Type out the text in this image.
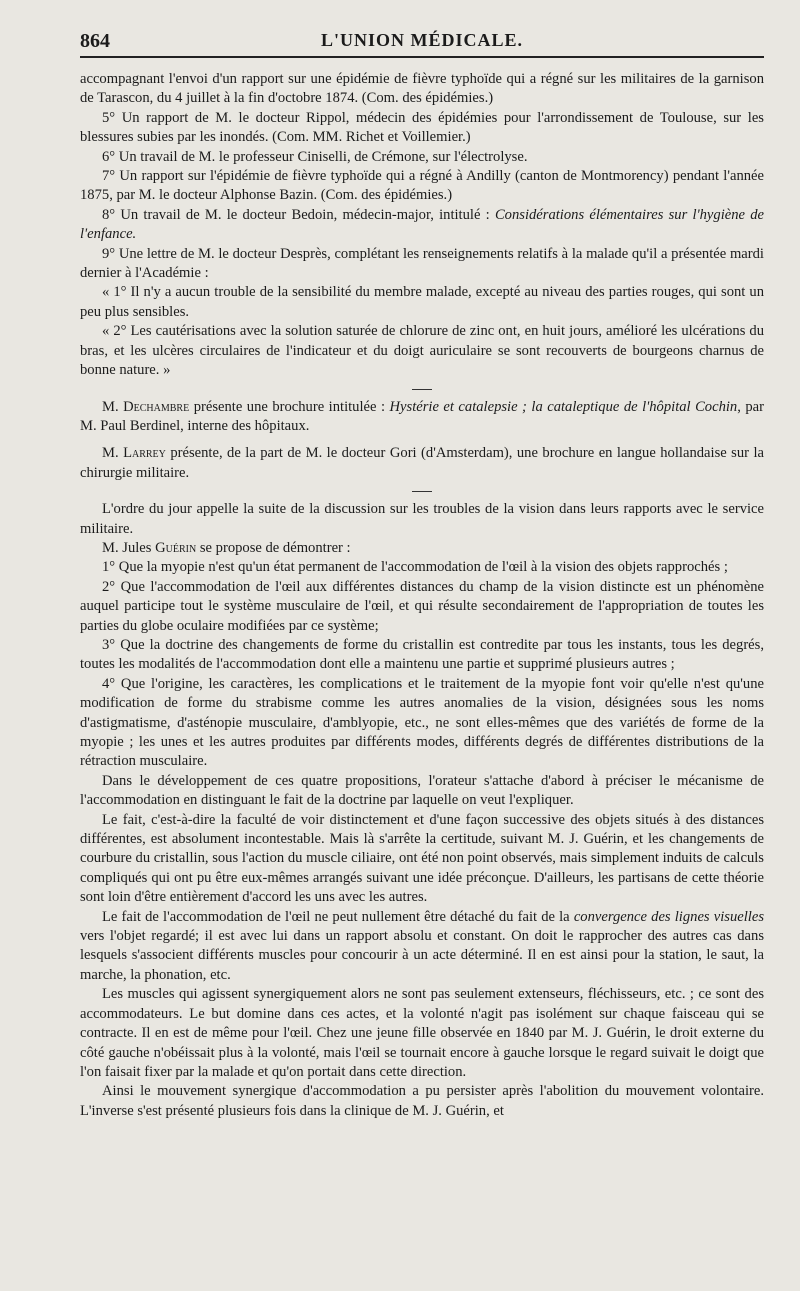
864	L'UNION MÉDICALE.

accompagnant l'envoi d'un rapport sur une épidémie de fièvre typhoïde qui a régné sur les militaires de la garnison de Tarascon, du 4 juillet à la fin d'octobre 1874. (Com. des épidémies.)

5° Un rapport de M. le docteur Rippol, médecin des épidémies pour l'arrondissement de Toulouse, sur les blessures subies par les inondés. (Com. MM. Richet et Voillemier.)

6° Un travail de M. le professeur Ciniselli, de Crémone, sur l'électrolyse.

7° Un rapport sur l'épidémie de fièvre typhoïde qui a régné à Andilly (canton de Montmorency) pendant l'année 1875, par M. le docteur Alphonse Bazin. (Com. des épidémies.)

8° Un travail de M. le docteur Bedoin, médecin-major, intitulé : Considérations élémentaires sur l'hygiène de l'enfance.

9° Une lettre de M. le docteur Desprès, complétant les renseignements relatifs à la malade qu'il a présentée mardi dernier à l'Académie :

« 1° Il n'y a aucun trouble de la sensibilité du membre malade, excepté au niveau des parties rouges, qui sont un peu plus sensibles.

« 2° Les cautérisations avec la solution saturée de chlorure de zinc ont, en huit jours, amélioré les ulcérations du bras, et les ulcères circulaires de l'indicateur et du doigt auriculaire se sont recouverts de bourgeons charnus de bonne nature. »

M. Dechambre présente une brochure intitulée : Hystérie et catalepsie ; la cataleptique de l'hôpital Cochin, par M. Paul Berdinel, interne des hôpitaux.

M. Larrey présente, de la part de M. le docteur Gori (d'Amsterdam), une brochure en langue hollandaise sur la chirurgie militaire.

L'ordre du jour appelle la suite de la discussion sur les troubles de la vision dans leurs rapports avec le service militaire.

M. Jules Guérin se propose de démontrer :

1° Que la myopie n'est qu'un état permanent de l'accommodation de l'œil à la vision des objets rapprochés ;

2° Que l'accommodation de l'œil aux différentes distances du champ de la vision distincte est un phénomène auquel participe tout le système musculaire de l'œil, et qui résulte secondairement de l'appropriation de toutes les parties du globe oculaire modifiées par ce système;

3° Que la doctrine des changements de forme du cristallin est contredite par tous les instants, tous les degrés, toutes les modalités de l'accommodation dont elle a maintenu une partie et supprimé plusieurs autres ;

4° Que l'origine, les caractères, les complications et le traitement de la myopie font voir qu'elle n'est qu'une modification de forme du strabisme comme les autres anomalies de la vision, désignées sous les noms d'astigmatisme, d'asténopie musculaire, d'amblyopie, etc., ne sont elles-mêmes que des variétés de forme de la myopie ; les unes et les autres produites par différents modes, différents degrés de différentes distributions de la rétraction musculaire.

Dans le développement de ces quatre propositions, l'orateur s'attache d'abord à préciser le mécanisme de l'accommodation en distinguant le fait de la doctrine par laquelle on veut l'expliquer.

Le fait, c'est-à-dire la faculté de voir distinctement et d'une façon successive des objets situés à des distances différentes, est absolument incontestable. Mais là s'arrête la certitude, suivant M. J. Guérin, et les changements de courbure du cristallin, sous l'action du muscle ciliaire, ont été non point observés, mais simplement induits de calculs compliqués qui ont pu être eux-mêmes arrangés suivant une idée préconçue. D'ailleurs, les partisans de cette théorie sont loin d'être entièrement d'accord les uns avec les autres.

Le fait de l'accommodation de l'œil ne peut nullement être détaché du fait de la convergence des lignes visuelles vers l'objet regardé; il est avec lui dans un rapport absolu et constant. On doit le rapprocher des autres cas dans lesquels s'associent différents muscles pour concourir à un acte déterminé. Il en est ainsi pour la station, le saut, la marche, la phonation, etc.

Les muscles qui agissent synergiquement alors ne sont pas seulement extenseurs, fléchisseurs, etc. ; ce sont des accommodateurs. Le but domine dans ces actes, et la volonté n'agit pas isolément sur chaque faisceau qui se contracte. Il en est de même pour l'œil. Chez une jeune fille observée en 1840 par M. J. Guérin, le droit externe du côté gauche n'obéissait plus à la volonté, mais l'œil se tournait encore à gauche lorsque le regard suivait le doigt que l'on faisait fixer par la malade et qu'on portait dans cette direction.

Ainsi le mouvement synergique d'accommodation a pu persister après l'abolition du mouvement volontaire. L'inverse s'est présenté plusieurs fois dans la clinique de M. J. Guérin, et
